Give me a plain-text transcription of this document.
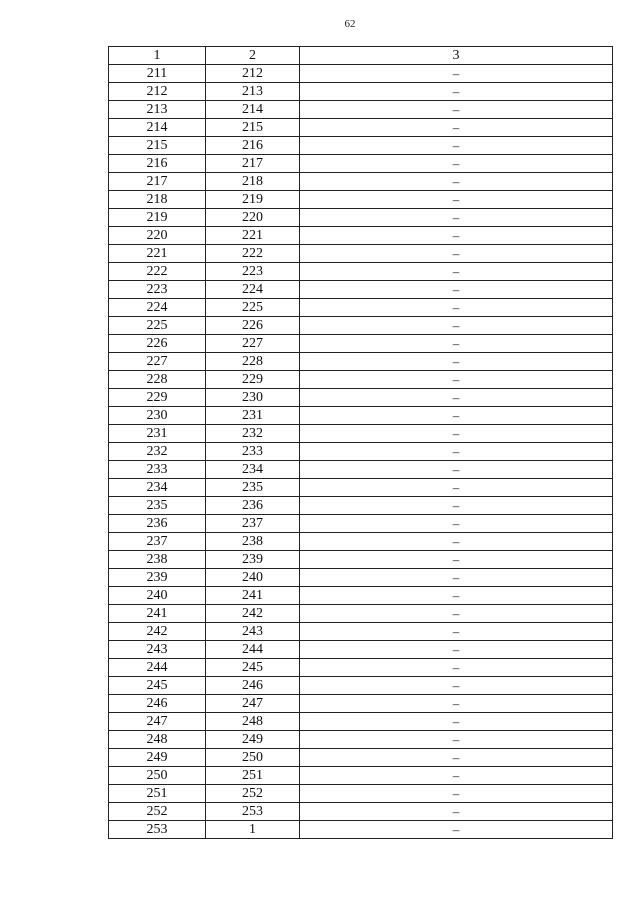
62
1	2	3
211	212	–
212	213	–
213	214	–
214	215	–
215	216	–
216	217	–
217	218	–
218	219	–
219	220	–
220	221	–
221	222	–
222	223	–
223	224	–
224	225	–
225	226	–
226	227	–
227	228	–
228	229	–
229	230	–
230	231	–
231	232	–
232	233	–
233	234	–
234	235	–
235	236	–
236	237	–
237	238	–
238	239	–
239	240	–
240	241	–
241	242	–
242	243	–
243	244	–
244	245	–
245	246	–
246	247	–
247	248	–
248	249	–
249	250	–
250	251	–
251	252	–
252	253	–
253	1	–
